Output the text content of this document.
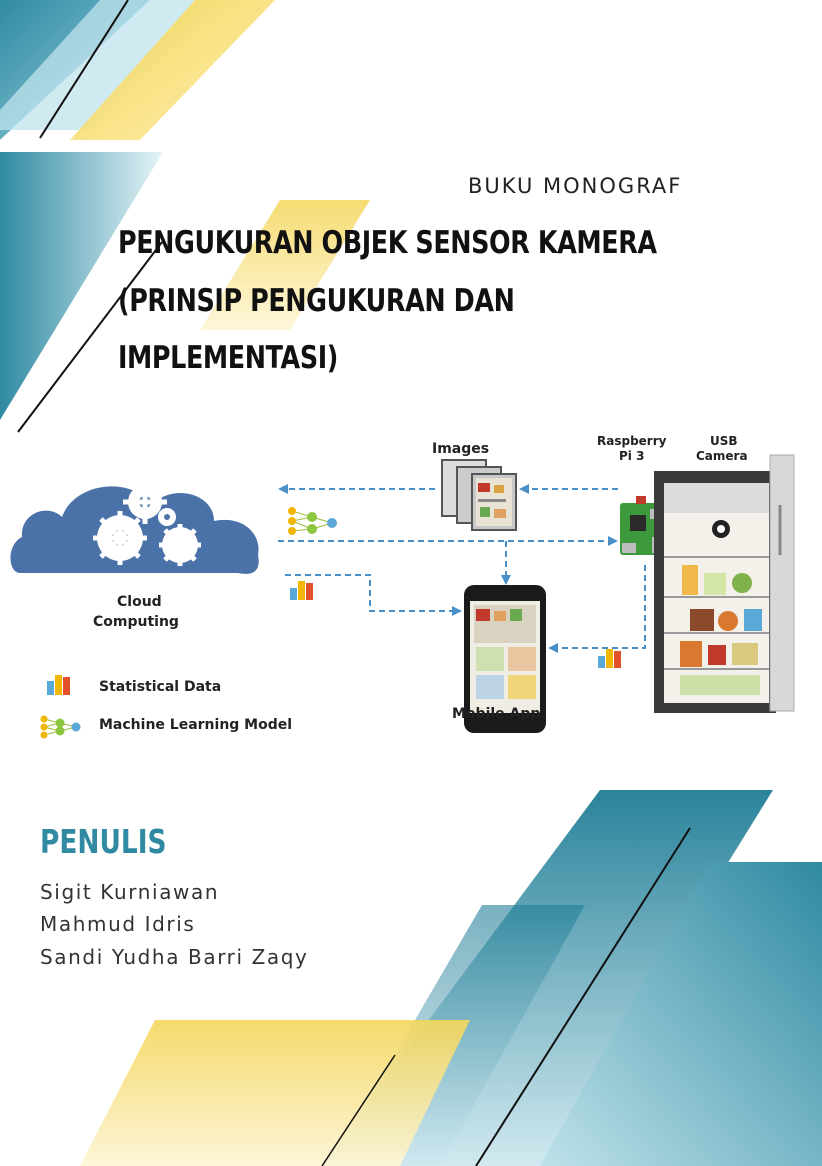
BUKU MONOGRAF
PENGUKURAN OBJEK SENSOR KAMERA
(PRINSIP PENGUKURAN DAN
IMPLEMENTASI)
Images	Raspberry
Pi 3
USB
Camera
Cloud
Computing
Mobile App
Statistical Data
Machine Learning Model
PENULIS
Sigit Kurniawan
Mahmud Idris
Sandi Yudha Barri Zaqy
